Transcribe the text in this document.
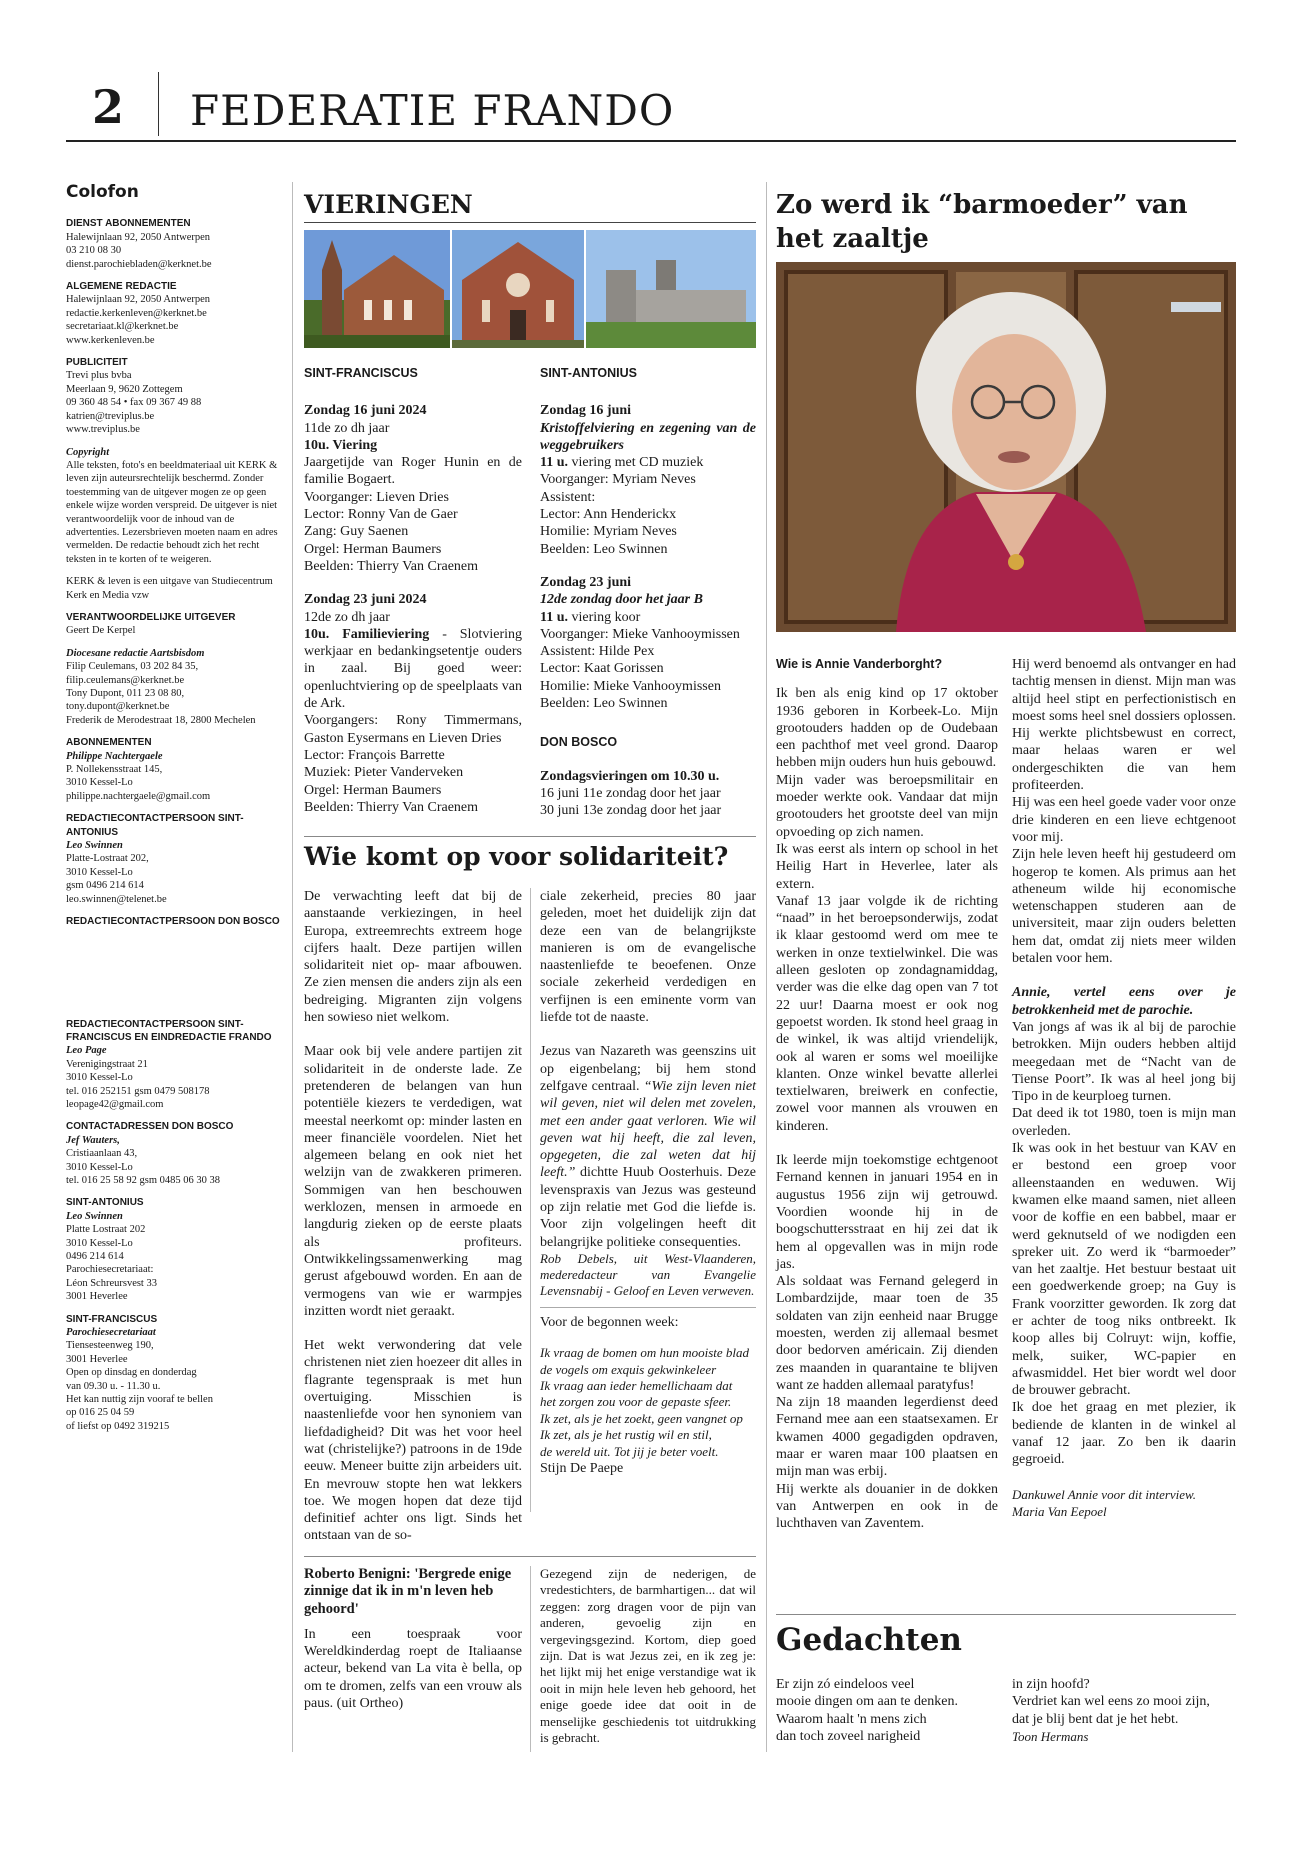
2 FEDERATIE FRANDO
Colofon
DIENST ABONNEMENTEN
Halewijnlaan 92, 2050 Antwerpen
03 210 08 30
dienst.parochiebladen@kerknet.be
ALGEMENE REDACTIE
Halewijnlaan 92, 2050 Antwerpen
redactie.kerkenleven@kerknet.be
secretariaat.kl@kerknet.be
www.kerkenleven.be
PUBLICITEIT
Trevi plus bvba
Meerlaan 9, 9620 Zottegem
09 360 48 54 • fax 09 367 49 88
katrien@treviplus.be
www.treviplus.be
Copyright
Alle teksten, foto's en beeldmateriaal uit KERK & leven zijn auteursrechtelijk beschermd. Zonder toestemming van de uitgever mogen ze op geen enkele wijze worden verspreid. De uitgever is niet verantwoordelijk voor de inhoud van de advertenties. Lezersbrieven moeten naam en adres vermelden. De redactie behoudt zich het recht teksten in te korten of te weigeren.
KERK & leven is een uitgave van Studiecentrum Kerk en Media vzw
VERANTWOORDELIJKE UITGEVER
Geert De Kerpel
Diocesane redactie Aartsbisdom
Filip Ceulemans, 03 202 84 35,
filip.ceulemans@kerknet.be
Tony Dupont, 011 23 08 80,
tony.dupont@kerknet.be
Frederik de Merodestraat 18, 2800 Mechelen
ABONNEMENTEN
Philippe Nachtergaele
P. Nollekensstraat 145,
3010 Kessel-Lo
philippe.nachtergaele@gmail.com
REDACTIECONTACTPERSOON SINT-ANTONIUS
Leo Swinnen
Platte-Lostraat 202,
3010 Kessel-Lo
gsm 0496 214 614
leo.swinnen@telenet.be
REDACTIECONTACTPERSOON DON BOSCO
REDACTIECONTACTPERSOON SINT-FRANCISCUS EN EINDREDACTIE FRANDO
Leo Page
Verenigingstraat 21
3010 Kessel-Lo
tel. 016 252151 gsm 0479 508178
leopage42@gmail.com
CONTACTADRESSEN DON BOSCO
Jef Wauters,
Cristiaanlaan 43,
3010 Kessel-Lo
tel. 016 25 58 92 gsm 0485 06 30 38
SINT-ANTONIUS
Leo Swinnen
Platte Lostraat 202
3010 Kessel-Lo
0496 214 614
Parochiesecretariaat:
Léon Schreursvest 33
3001 Heverlee
SINT-FRANCISCUS
Parochiesecretariaat
Tiensesteenweg 190,
3001 Heverlee
Open op dinsdag en donderdag
van 09.30 u. - 11.30 u.
Het kan nuttig zijn vooraf te bellen
op 016 25 04 59
of liefst op 0492 319215
VIERINGEN
SINT-FRANCISCUS
Zondag 16 juni 2024
11de zo dh jaar

10u. Viering

Jaargetijde van Roger Hunin en de familie Bogaert.
Voorganger: Lieven Dries
Lector: Ronny Van de Gaer
Zang: Guy Saenen
Orgel: Herman Baumers
Beelden: Thierry Van Craenem
Zondag 23 juni 2024
12de zo dh jaar

10u. Familieviering - Slotviering werkjaar en bedankingsetentje ouders in zaal. Bij goed weer: openluchtviering op de speelplaats van de Ark.

Voorgangers: Rony Timmermans, Gaston Eysermans en Lieven Dries
Lector: François Barrette
Muziek: Pieter Vanderveken
Orgel: Herman Baumers
Beelden: Thierry Van Craenem
SINT-ANTONIUS
Zondag 16 juni
Kristoffelviering en zegening van de weggebruikers

11 u. viering met CD muziek

Voorganger: Myriam Neves
Assistent:
Lector: Ann Henderickx
Homilie: Myriam Neves
Beelden: Leo Swinnen
Zondag 23 juni
12de zondag door het jaar B

11 u. viering koor

Voorganger: Mieke Vanhooymissen
Assistent: Hilde Pex
Lector: Kaat Gorissen
Homilie: Mieke Vanhooymissen
Beelden: Leo Swinnen
DON BOSCO
Zondagsvieringen om 10.30 u.
16 juni 11e zondag door het jaar
30 juni 13e zondag door het jaar
Wie komt op voor solidariteit?

De verwachting leeft dat bij de aanstaande verkiezingen, in heel Europa, extreemrechts extreem hoge cijfers haalt. Deze partijen willen solidariteit niet op- maar afbouwen. Ze zien mensen die anders zijn als een bedreiging. Migranten zijn volgens hen sowieso niet welkom.

Maar ook bij vele andere partijen zit solidariteit in de onderste lade. Ze pretenderen de belangen van hun potentiële kiezers te verdedigen, wat meestal neerkomt op: minder lasten en meer financiële voordelen. Niet het algemeen belang en ook niet het welzijn van de zwakkeren primeren. Sommigen van hen beschouwen werklozen, mensen in armoede en langdurig zieken op de eerste plaats als profiteurs. Ontwikkelingssamenwerking mag gerust afgebouwd worden. En aan de vermogens van wie er warmpjes inzitten wordt niet geraakt.

Het wekt verwondering dat vele christenen niet zien hoezeer dit alles in flagrante tegenspraak is met hun overtuiging. Misschien is naastenliefde voor hen synoniem van liefdadigheid? Dit was het voor heel wat (christelijke?) patroons in de 19de eeuw. Meneer buitte zijn arbeiders uit. En mevrouw stopte hen wat lekkers toe. We mogen hopen dat deze tijd definitief achter ons ligt. Sinds het ontstaan van de so-

ciale zekerheid, precies 80 jaar geleden, moet het duidelijk zijn dat deze een van de belangrijkste manieren is om de evangelische naastenliefde te beoefenen. Onze sociale zekerheid verdedigen en verfijnen is een eminente vorm van liefde tot de naaste.

Jezus van Nazareth was geenszins uit op eigenbelang; bij hem stond zelfgave centraal. “Wie zijn leven niet wil geven, niet wil delen met zovelen, met een ander gaat verloren. Wie wil geven wat hij heeft, die zal leven, opgegeten, die zal weten dat hij leeft.” dichtte Huub Oosterhuis. Deze levenspraxis van Jezus was gesteund op zijn relatie met God die liefde is. Voor zijn volgelingen heeft dit belangrijke politieke consequenties.

Rob Debels, uit West-Vlaanderen, mederedacteur van Evangelie Levensnabij - Geloof en Leven verweven.

Voor de begonnen week:

Ik vraag de bomen om hun mooiste blad
de vogels om exquis gekwinkeleer
Ik vraag aan ieder hemellichaam dat
het zorgen zou voor de gepaste sfeer.
Ik zet, als je het zoekt, geen vangnet op
Ik zet, als je het rustig wil en stil,
de wereld uit. Tot jij je beter voelt.
Stijn De Paepe
Roberto Benigni: 'Bergrede enige zinnige dat ik in m'n leven heb gehoord'

In een toespraak voor Wereldkinderdag roept de Italiaanse acteur, bekend van La vita è bella, op om te dromen, zelfs van een vrouw als paus. (uit Ortheo)

Gezegend zijn de nederigen, de vredestichters, de barmhartigen... dat wil zeggen: zorg dragen voor de pijn van anderen, gevoelig zijn en vergevingsgezind. Kortom, diep goed zijn. Dat is wat Jezus zei, en ik zeg je: het lijkt mij het enige verstandige wat ik ooit in mijn hele leven heb gehoord, het enige goede idee dat ooit in de menselijke geschiedenis tot uitdrukking is gebracht.
Zo werd ik “barmoeder” van het zaaltje
Wie is Annie Vanderborght?

Ik ben als enig kind op 17 oktober 1936 geboren in Korbeek-Lo. Mijn grootouders hadden op de Oudebaan een pachthof met veel grond. Daarop hebben mijn ouders hun huis gebouwd.

Mijn vader was beroepsmilitair en moeder werkte ook. Vandaar dat mijn grootouders het grootste deel van mijn opvoeding op zich namen.

Ik was eerst als intern op school in het Heilig Hart in Heverlee, later als extern.

Vanaf 13 jaar volgde ik de richting “naad” in het beroepsonderwijs, zodat ik klaar gestoomd werd om mee te werken in onze textielwinkel. Die was alleen gesloten op zondagnamiddag, verder was die elke dag open van 7 tot 22 uur! Daarna moest er ook nog gepoetst worden. Ik stond heel graag in de winkel, ik was altijd vriendelijk, ook al waren er soms wel moeilijke klanten. Onze winkel bevatte allerlei textielwaren, breiwerk en confectie, zowel voor mannen als vrouwen en kinderen.

Ik leerde mijn toekomstige echtgenoot Fernand kennen in januari 1954 en in augustus 1956 zijn wij getrouwd. Voordien woonde hij in de boogschuttersstraat en hij zei dat ik hem al opgevallen was in mijn rode jas.

Als soldaat was Fernand gelegerd in Lombardzijde, maar toen de 35 soldaten van zijn eenheid naar Brugge moesten, werden zij allemaal besmet door bedorven américain. Zij dienden zes maanden in quarantaine te blijven want ze hadden allemaal paratyfus!

Na zijn 18 maanden legerdienst deed Fernand mee aan een staatsexamen. Er kwamen 4000 gegadigden opdraven, maar er waren maar 100 plaatsen en mijn man was erbij.

Hij werkte als douanier in de dokken van Antwerpen en ook in de luchthaven van Zaventem.

Hij werd benoemd als ontvanger en had tachtig mensen in dienst. Mijn man was altijd heel stipt en perfectionistisch en moest soms heel snel dossiers oplossen. Hij werkte plichtsbewust en correct, maar helaas waren er wel ondergeschikten die van hem profiteerden.

Hij was een heel goede vader voor onze drie kinderen en een lieve echtgenoot voor mij.

Zijn hele leven heeft hij gestudeerd om hogerop te komen. Als primus aan het atheneum wilde hij economische wetenschappen studeren aan de universiteit, maar zijn ouders beletten hem dat, omdat zij niets meer wilden betalen voor hem.

Annie, vertel eens over je betrokkenheid met de parochie.

Van jongs af was ik al bij de parochie betrokken. Mijn ouders hebben altijd meegedaan met de “Nacht van de Tiense Poort”. Ik was al heel jong bij Tipo in de keurploeg turnen.

Dat deed ik tot 1980, toen is mijn man overleden.

Ik was ook in het bestuur van KAV en er bestond een groep voor alleenstaanden en weduwen. Wij kwamen elke maand samen, niet alleen voor de koffie en een babbel, maar er werd geknutseld of we nodigden een spreker uit. Zo werd ik “barmoeder” van het zaaltje. Het bestuur bestaat uit een goedwerkende groep; na Guy is Frank voorzitter geworden. Ik zorg dat er achter de toog niks ontbreekt. Ik koop alles bij Colruyt: wijn, koffie, melk, suiker, WC-papier en afwasmiddel. Het bier wordt wel door de brouwer gebracht.

Ik doe het graag en met plezier, ik bediende de klanten in de winkel al vanaf 12 jaar. Zo ben ik daarin gegroeid.

Dankuwel Annie voor dit interview.

Maria Van Eepoel

Gedachten
Er zijn zó eindeloos veel
mooie dingen om aan te denken.
Waarom haalt 'n mens zich
dan toch zoveel narigheid
in zijn hoofd?
Verdriet kan wel eens zo mooi zijn,
dat je blij bent dat je het hebt.
Toon Hermans
